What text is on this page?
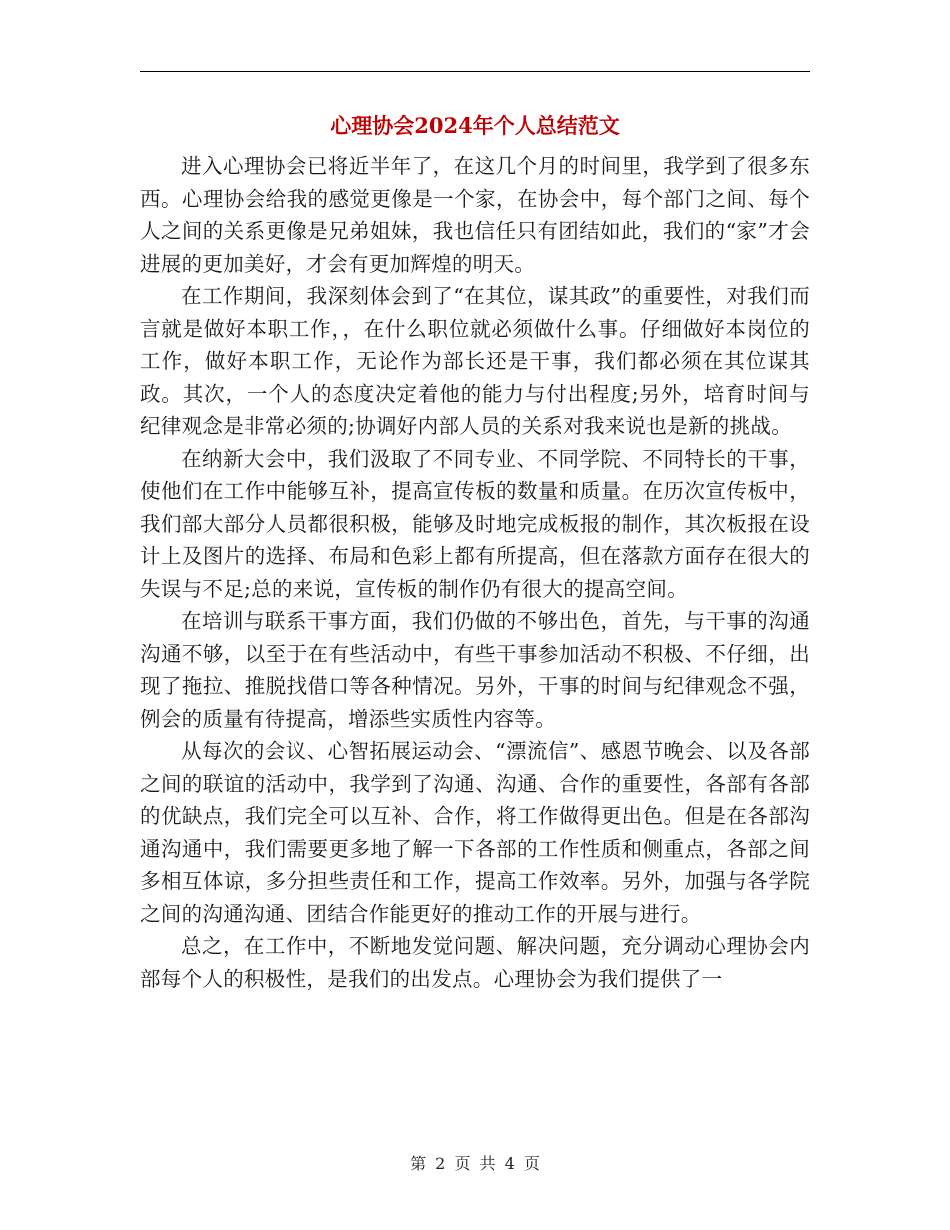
心理协会2024年个人总结范文

进入心理协会已将近半年了，在这几个月的时间里，我学到了很多东西。心理协会给我的感觉更像是一个家，在协会中，每个部门之间、每个人之间的关系更像是兄弟姐妹，我也信任只有团结如此，我们的“家”才会进展的更加美好，才会有更加辉煌的明天。

在工作期间，我深刻体会到了“在其位，谋其政”的重要性，对我们而言就是做好本职工作，，在什么职位就必须做什么事。仔细做好本岗位的工作，做好本职工作，无论作为部长还是干事，我们都必须在其位谋其政。其次，一个人的态度决定着他的能力与付出程度;另外，培育时间与纪律观念是非常必须的;协调好内部人员的关系对我来说也是新的挑战。

在纳新大会中，我们汲取了不同专业、不同学院、不同特长的干事，使他们在工作中能够互补，提高宣传板的数量和质量。在历次宣传板中，我们部大部分人员都很积极，能够及时地完成板报的制作，其次板报在设计上及图片的选择、布局和色彩上都有所提高，但在落款方面存在很大的失误与不足;总的来说，宣传板的制作仍有很大的提高空间。

在培训与联系干事方面，我们仍做的不够出色，首先，与干事的沟通沟通不够，以至于在有些活动中，有些干事参加活动不积极、不仔细，出现了拖拉、推脱找借口等各种情况。另外，干事的时间与纪律观念不强，例会的质量有待提高，增添些实质性内容等。

从每次的会议、心智拓展运动会、“漂流信”、感恩节晚会、以及各部之间的联谊的活动中，我学到了沟通、沟通、合作的重要性，各部有各部的优缺点，我们完全可以互补、合作，将工作做得更出色。但是在各部沟通沟通中，我们需要更多地了解一下各部的工作性质和侧重点，各部之间多相互体谅，多分担些责任和工作，提高工作效率。另外，加强与各学院之间的沟通沟通、团结合作能更好的推动工作的开展与进行。

总之，在工作中，不断地发觉问题、解决问题，充分调动心理协会内部每个人的积极性，是我们的出发点。心理协会为我们提供了一

第 2 页 共 4 页
